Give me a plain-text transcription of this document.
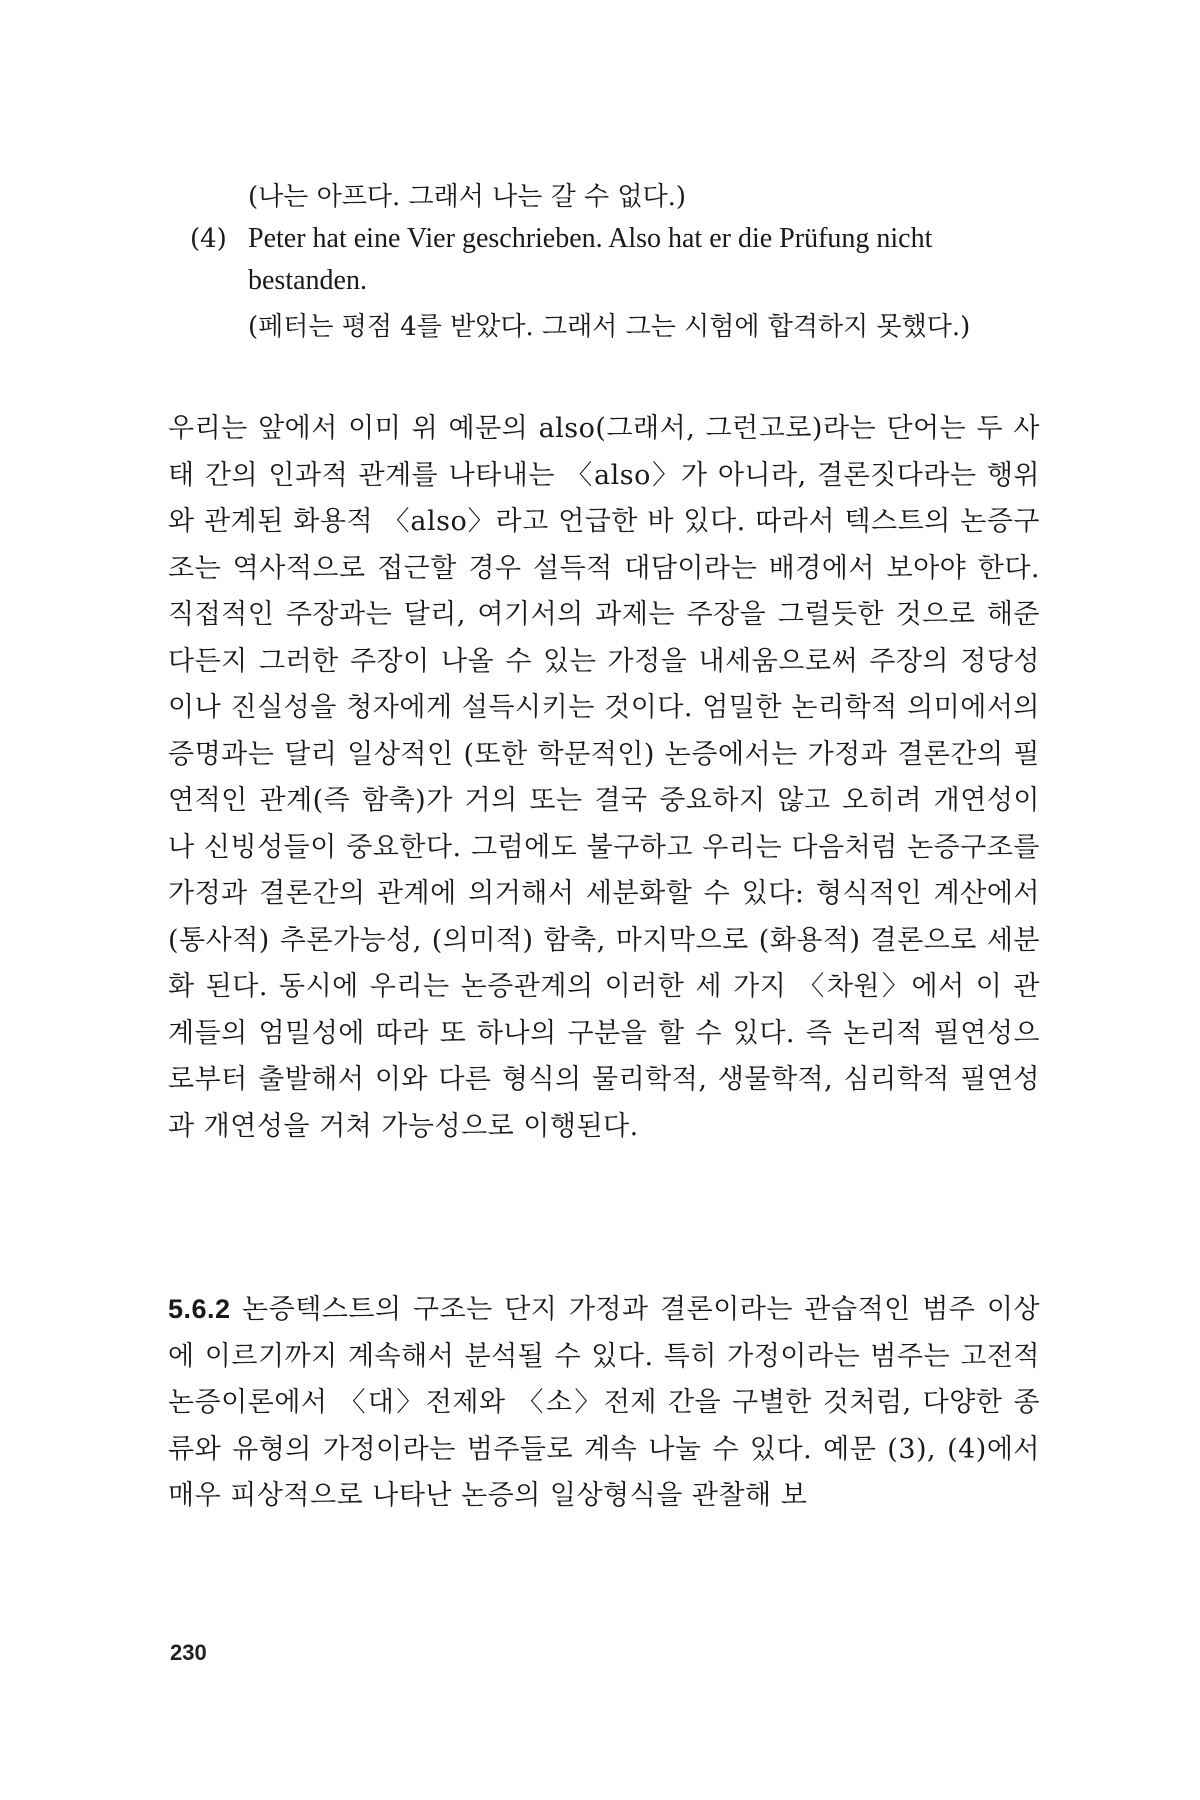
(나는 아프다. 그래서 나는 갈 수 없다.)
(4) Peter hat eine Vier geschrieben. Also hat er die Prüfung nicht
bestanden.
(페터는 평점 4를 받았다. 그래서 그는 시험에 합격하지 못했다.)

우리는 앞에서 이미 위 예문의 also(그래서, 그런고로)라는 단어는 두 사태 간의 인과적 관계를 나타내는 〈also〉가 아니라, 결론짓다라는 행위와 관계된 화용적 〈also〉라고 언급한 바 있다. 따라서 텍스트의 논증구조는 역사적으로 접근할 경우 설득적 대담이라는 배경에서 보아야 한다. 직접적인 주장과는 달리, 여기서의 과제는 주장을 그럴듯한 것으로 해준다든지 그러한 주장이 나올 수 있는 가정을 내세움으로써 주장의 정당성이나 진실성을 청자에게 설득시키는 것이다. 엄밀한 논리학적 의미에서의 증명과는 달리 일상적인 (또한 학문적인) 논증에서는 가정과 결론간의 필연적인 관계(즉 함축)가 거의 또는 결국 중요하지 않고 오히려 개연성이나 신빙성들이 중요한다. 그럼에도 불구하고 우리는 다음처럼 논증구조를 가정과 결론간의 관계에 의거해서 세분화할 수 있다: 형식적인 계산에서 (통사적) 추론가능성, (의미적) 함축, 마지막으로 (화용적) 결론으로 세분화 된다. 동시에 우리는 논증관계의 이러한 세 가지 〈차원〉에서 이 관계들의 엄밀성에 따라 또 하나의 구분을 할 수 있다. 즉 논리적 필연성으로부터 출발해서 이와 다른 형식의 물리학적, 생물학적, 심리학적 필연성과 개연성을 거쳐 가능성으로 이행된다.

5.6.2 논증텍스트의 구조는 단지 가정과 결론이라는 관습적인 범주 이상에 이르기까지 계속해서 분석될 수 있다. 특히 가정이라는 범주는 고전적 논증이론에서 〈대〉전제와 〈소〉전제 간을 구별한 것처럼, 다양한 종류와 유형의 가정이라는 범주들로 계속 나눌 수 있다. 예문 (3), (4)에서 매우 피상적으로 나타난 논증의 일상형식을 관찰해 보

230
